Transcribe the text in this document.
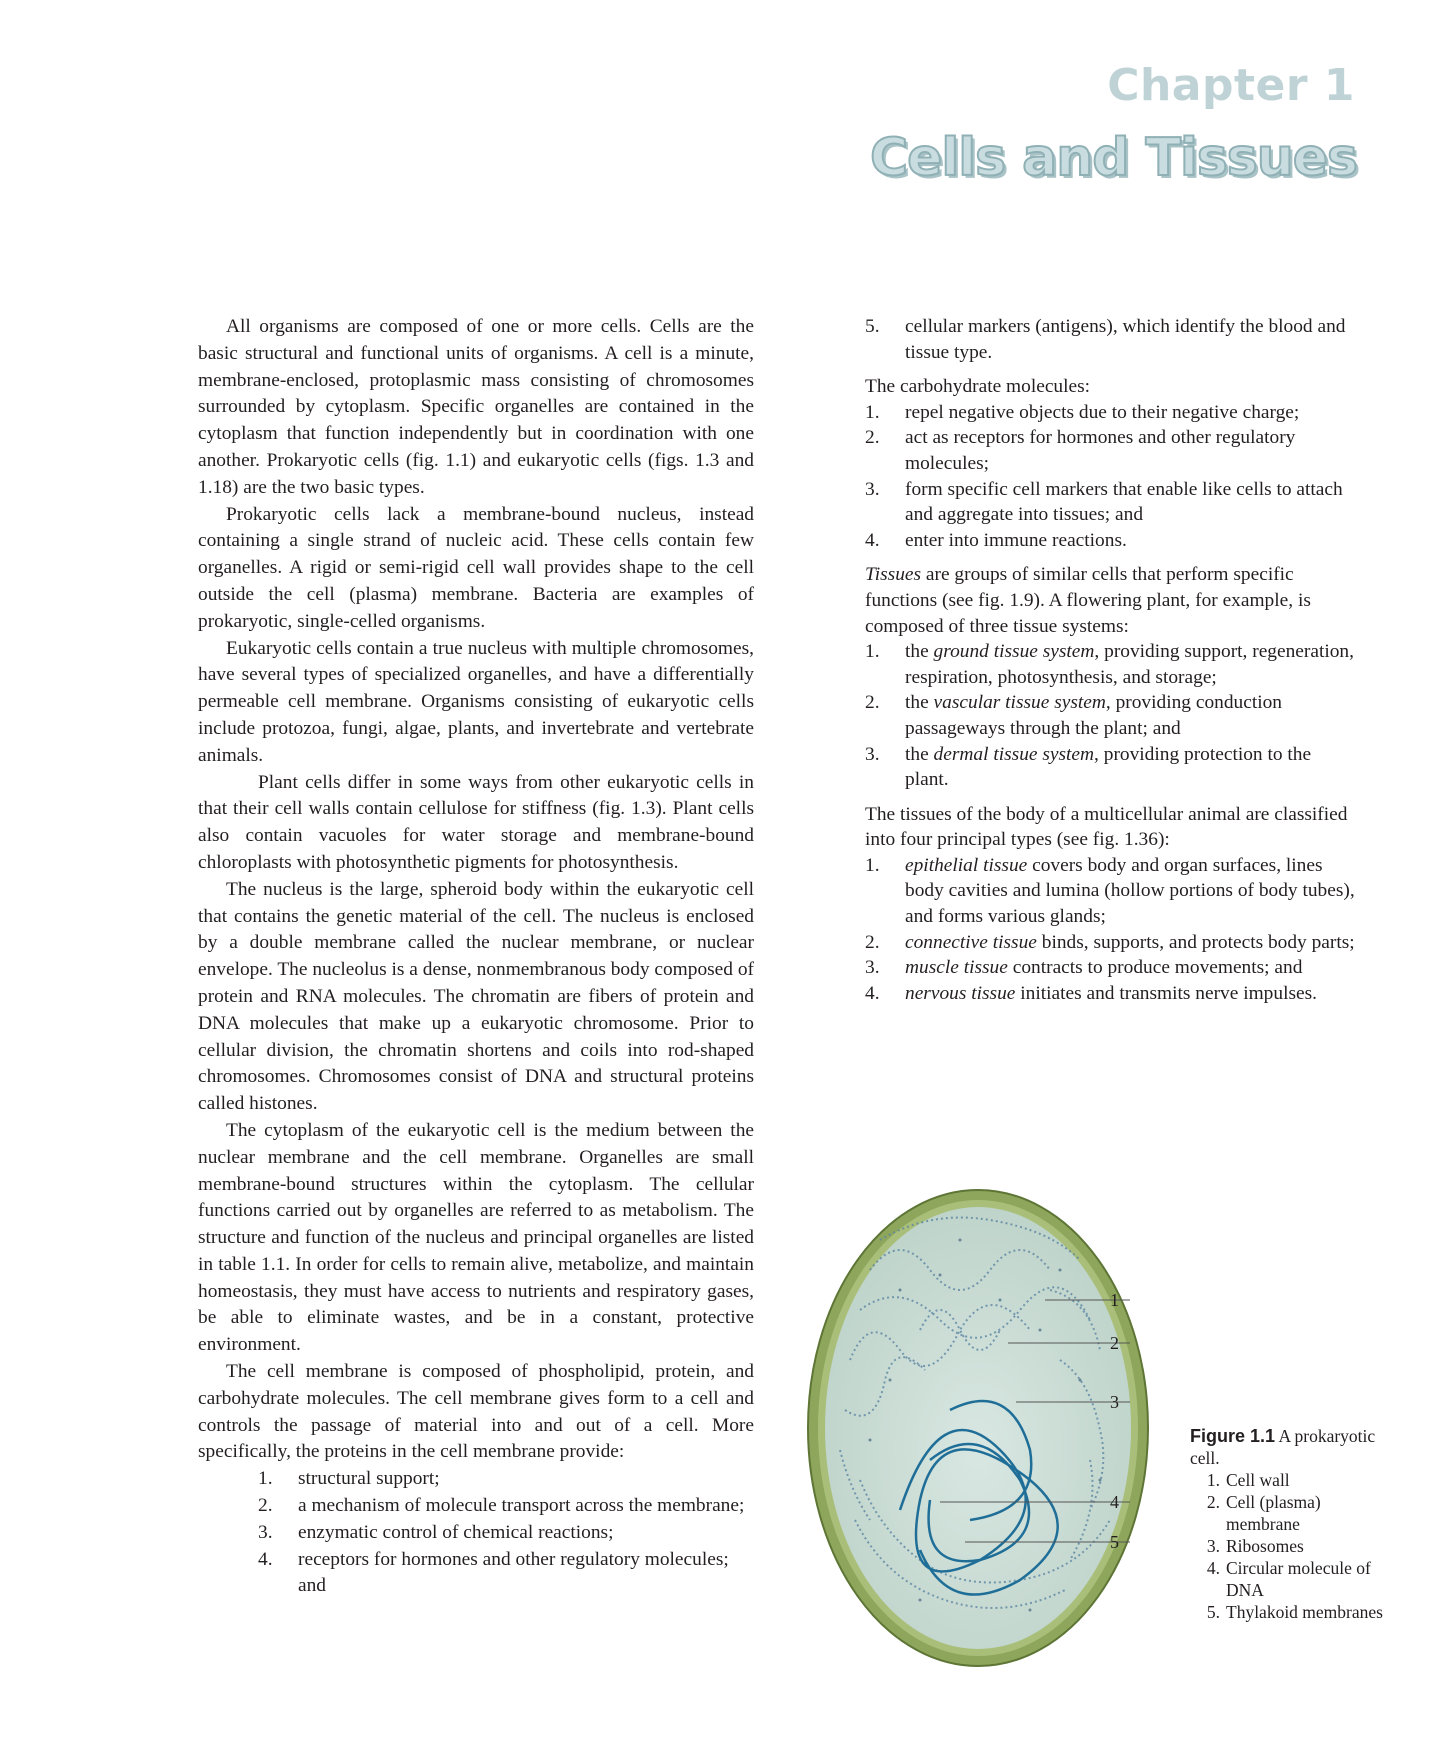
Chapter 1
Cells and Tissues

All organisms are composed of one or more cells. Cells are the basic structural and functional units of organisms. A cell is a minute, membrane-enclosed, protoplasmic mass consisting of chromosomes surrounded by cytoplasm. Specific organelles are contained in the cytoplasm that function independently but in coordination with one another. Prokaryotic cells (fig. 1.1) and eukaryotic cells (figs. 1.3 and 1.18) are the two basic types.

Prokaryotic cells lack a membrane-bound nucleus, instead containing a single strand of nucleic acid. These cells contain few organelles. A rigid or semi-rigid cell wall provides shape to the cell outside the cell (plasma) membrane. Bacteria are examples of prokaryotic, single-celled organisms.

Eukaryotic cells contain a true nucleus with multiple chromosomes, have several types of specialized organelles, and have a differentially permeable cell membrane. Organisms consisting of eukaryotic cells include protozoa, fungi, algae, plants, and invertebrate and vertebrate animals.

Plant cells differ in some ways from other eukaryotic cells in that their cell walls contain cellulose for stiffness (fig. 1.3). Plant cells also contain vacuoles for water storage and membrane-bound chloroplasts with photosynthetic pigments for photosynthesis.

The nucleus is the large, spheroid body within the eukaryotic cell that contains the genetic material of the cell. The nucleus is enclosed by a double membrane called the nuclear membrane, or nuclear envelope. The nucleolus is a dense, nonmembranous body composed of protein and RNA molecules. The chromatin are fibers of protein and DNA molecules that make up a eukaryotic chromosome. Prior to cellular division, the chromatin shortens and coils into rod-shaped chromosomes. Chromosomes consist of DNA and structural proteins called histones.

The cytoplasm of the eukaryotic cell is the medium between the nuclear membrane and the cell membrane. Organelles are small membrane-bound structures within the cytoplasm. The cellular functions carried out by organelles are referred to as metabolism. The structure and function of the nucleus and principal organelles are listed in table 1.1. In order for cells to remain alive, metabolize, and maintain homeostasis, they must have access to nutrients and respiratory gases, be able to eliminate wastes, and be in a constant, protective environment.

The cell membrane is composed of phospholipid, protein, and carbohydrate molecules. The cell membrane gives form to a cell and controls the passage of material into and out of a cell. More specifically, the proteins in the cell membrane provide:

1.	structural support;
2.	a mechanism of molecule transport across the membrane;
3.	enzymatic control of chemical reactions;
4.	receptors for hormones and other regulatory molecules; and
5.	cellular markers (antigens), which identify the blood and tissue type.

The carbohydrate molecules:

1.	repel negative objects due to their negative charge;
2.	act as receptors for hormones and other regulatory molecules;
3.	form specific cell markers that enable like cells to attach and aggregate into tissues; and
4.	enter into immune reactions.

Tissues are groups of similar cells that perform specific functions (see fig. 1.9). A flowering plant, for example, is composed of three tissue systems:

1.	the ground tissue system, providing support, regeneration, respiration, photosynthesis, and storage;
2.	the vascular tissue system, providing conduction passageways through the plant; and
3.	the dermal tissue system, providing protection to the plant.

The tissues of the body of a multicellular animal are classified into four principal types (see fig. 1.36):

1.	epithelial tissue covers body and organ surfaces, lines body cavities and lumina (hollow portions of body tubes), and forms various glands;
2.	connective tissue binds, supports, and protects body parts;
3.	muscle tissue contracts to produce movements; and
4.	nervous tissue initiates and transmits nerve impulses.
1
2
3
4
5
Figure 1.1 A prokaryotic cell.
1. Cell wall
2. Cell (plasma) membrane
3. Ribosomes
4. Circular molecule of DNA
5. Thylakoid membranes
